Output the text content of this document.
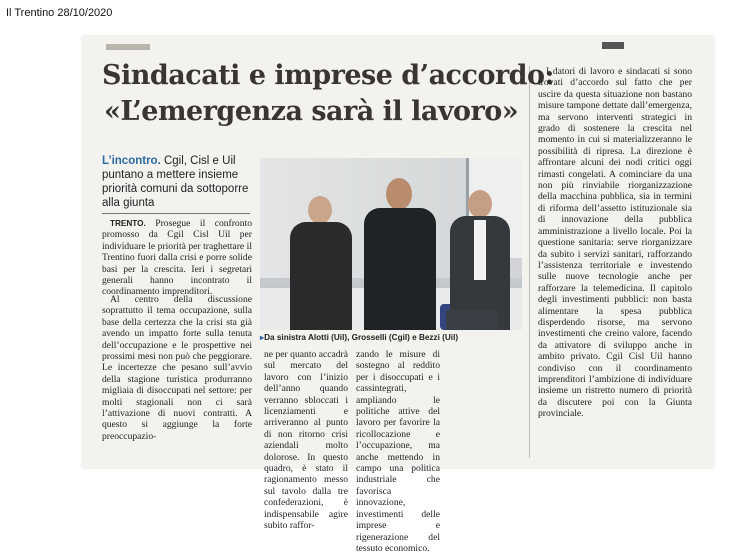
Il Trentino 28/10/2020
Sindacati e imprese d’accordo:
«L’emergenza sarà il lavoro»
L’incontro. Cgil, Cisl e Uil puntano a mettere insieme priorità comuni da sottoporre alla giunta

TRENTO. Prosegue il confronto promosso da Cgil Cisl Uil per individuare le priorità per traghettare il Trentino fuori dalla crisi e porre solide basi per la crescita. Ieri i segretari generali hanno incontrato il coordinamento imprenditori.

Al centro della discussione soprattutto il tema occupazione, sulla base della certezza che la crisi sta già avendo un impatto forte sulla tenuta dell’occupazione e le prospettive nei prossimi mesi non può che peggiorare. Le incertezze che pesano sull’avvio della stagione turistica produrranno migliaia di disoccupati nel settore: per molti stagionali non ci sarà l’attivazione di nuovi contratti. A questo si aggiunge la forte preoccupazio-

▸ Da sinistra Alotti (Uil), Grosselli (Cgil) e Bezzi (Uil)

ne per quanto accadrà sul mercato del lavoro con l’inizio dell’anno quando verranno sbloccati i licenziamenti e arriveranno al punto di non ritorno crisi aziendali molto dolorose. In questo quadro, è stato il ragionamento messo sul tavolo dalla tre confederazioni, è indispensabile agire subito raffor-

zando le misure di sostegno al reddito per i disoccupati e i cassintegrati, ampliando le politiche attive del lavoro per favorire la ricollocazione e l’occupazione, ma anche mettendo in campo una politica industriale che favorisca innovazione, investimenti delle imprese e rigenerazione del tessuto economico.

I datori di lavoro e sindacati si sono trovati d’accordo sul fatto che per uscire da questa situazione non bastano misure tampone dettate dall’emergenza, ma servono interventi strategici in grado di sostenere la crescita nel momento in cui si materializzeranno le possibilità di ripresa. La direzione è affrontare alcuni dei nodi critici oggi rimasti congelati. A cominciare da una non più rinviabile riorganizzazione della macchina pubblica, sia in termini di riforma dell’assetto istituzionale sia di innovazione della pubblica amministrazione a livello locale. Poi la questione sanitaria: serve riorganizzare da subito i servizi sanitari, rafforzando l’assistenza territoriale e investendo sulle nuove tecnologie anche per rafforzare la telemedicina. Il capitolo degli investimenti pubblici: non basta alimentare la spesa pubblica disperdendo risorse, ma servono investimenti che creino valore, facendo da attivatore di sviluppo anche in ambito privato. Cgil Cisl Uil hanno condiviso con il coordinamento imprenditori l’ambizione di individuare insieme un ristretto numero di priorità da discutere poi con la Giunta provinciale.
